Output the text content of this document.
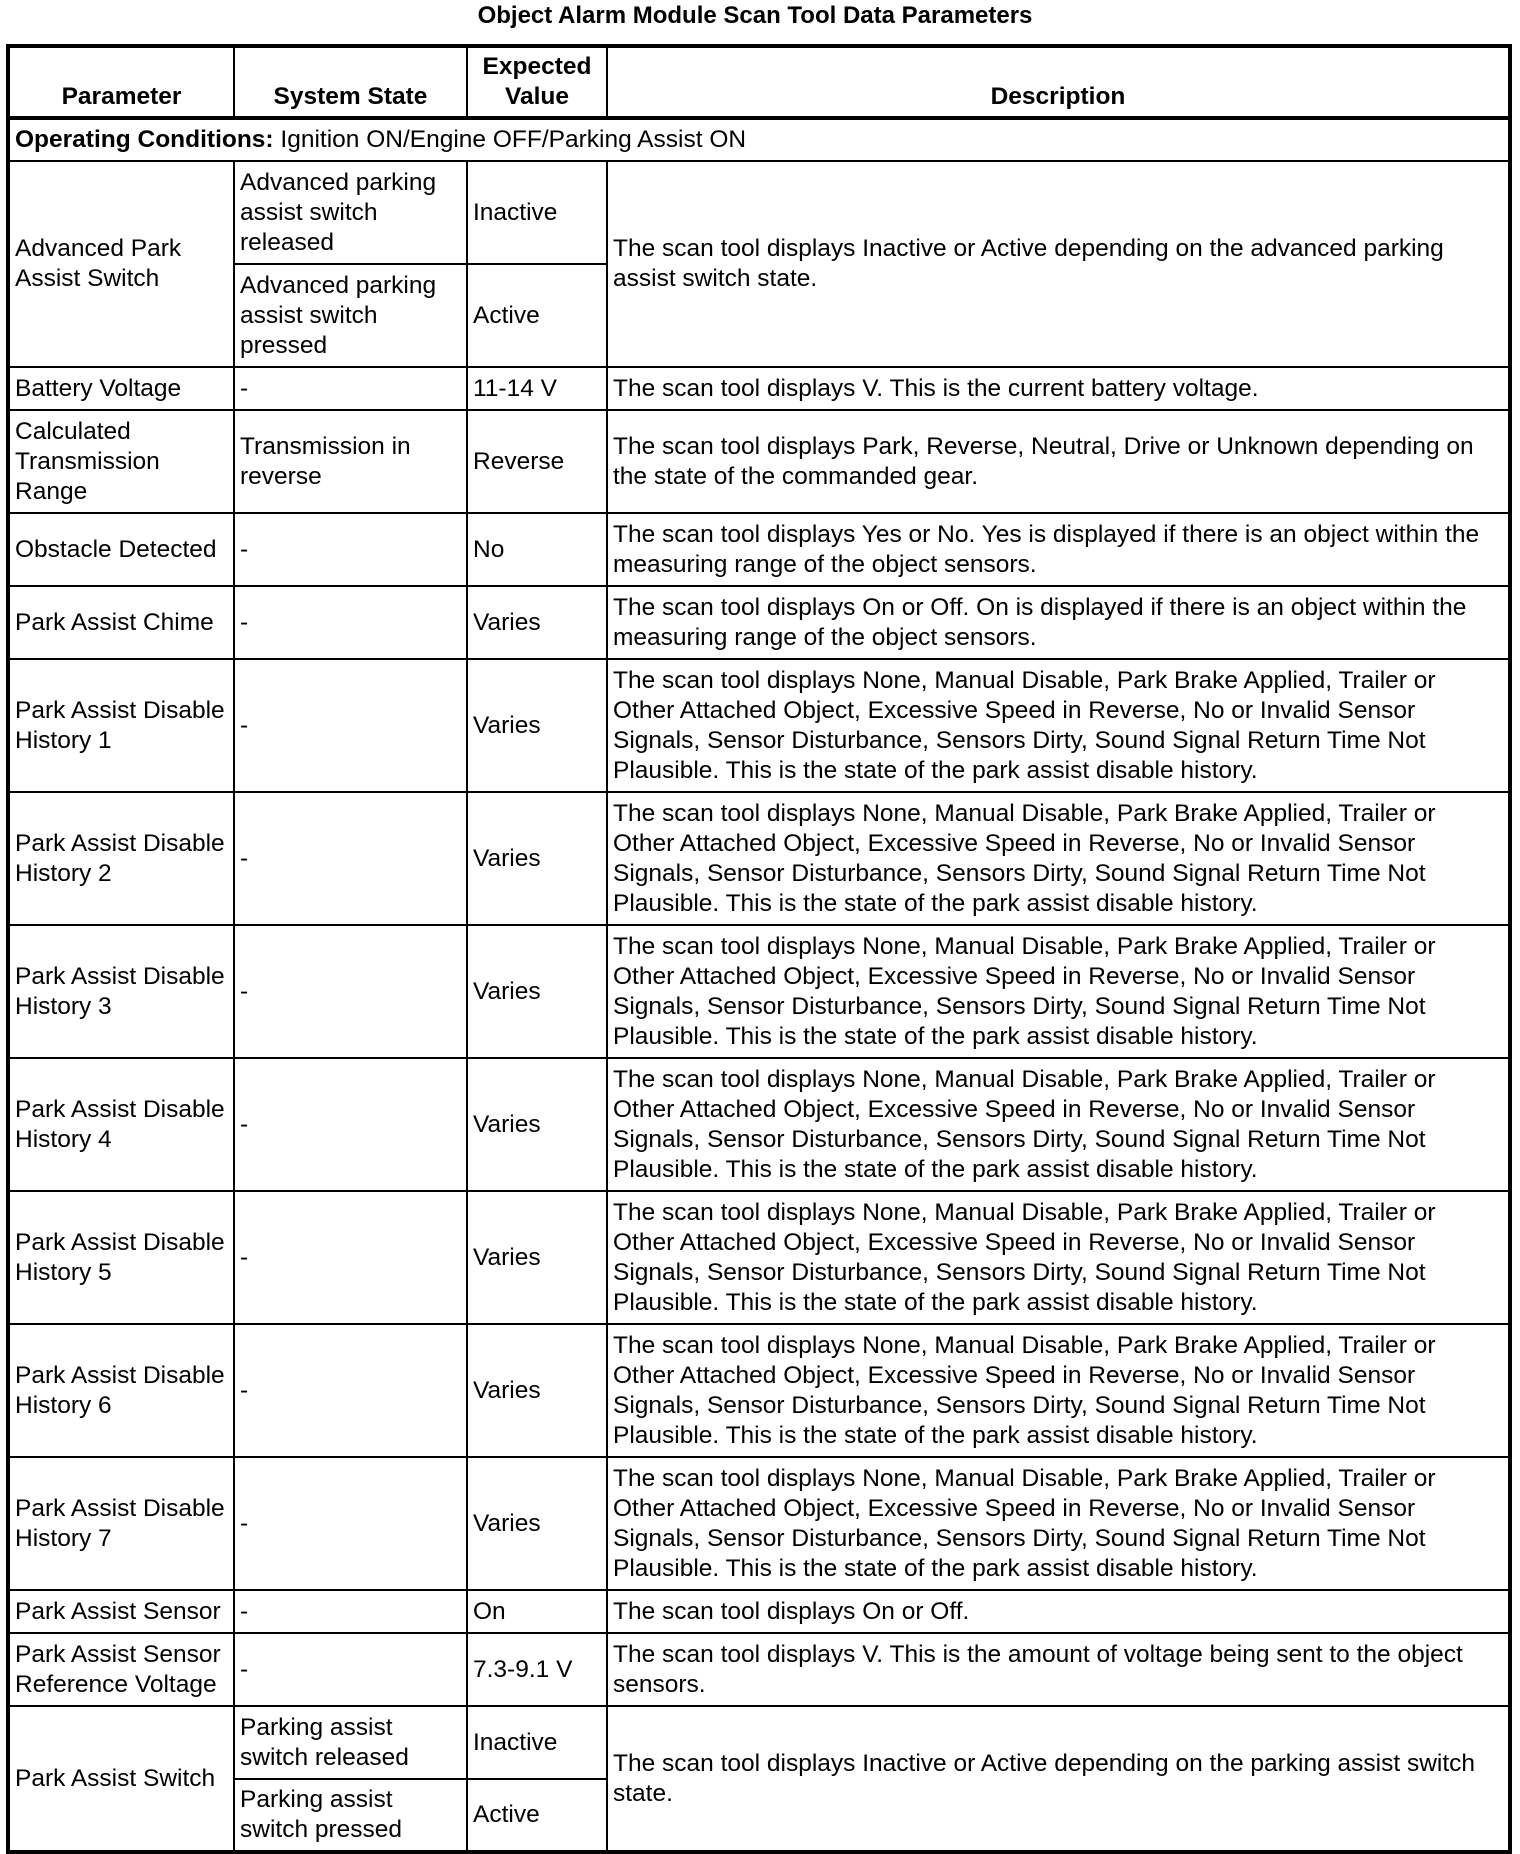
Object Alarm Module Scan Tool Data Parameters
Parameter	System State	Expected Value	Description
Operating Conditions: Ignition ON/Engine OFF/Parking Assist ON			
Advanced Park Assist Switch	Advanced parking assist switch released	Inactive	The scan tool displays Inactive or Active depending on the advanced parking assist switch state.
	Advanced parking assist switch pressed	Active	
Battery Voltage	-	11-14 V	The scan tool displays V. This is the current battery voltage.
Calculated Transmission Range	Transmission in reverse	Reverse	The scan tool displays Park, Reverse, Neutral, Drive or Unknown depending on the state of the commanded gear.
Obstacle Detected	-	No	The scan tool displays Yes or No. Yes is displayed if there is an object within the measuring range of the object sensors.
Park Assist Chime	-	Varies	The scan tool displays On or Off. On is displayed if there is an object within the measuring range of the object sensors.
Park Assist Disable History 1	-	Varies	The scan tool displays None, Manual Disable, Park Brake Applied, Trailer or Other Attached Object, Excessive Speed in Reverse, No or Invalid Sensor Signals, Sensor Disturbance, Sensors Dirty, Sound Signal Return Time Not Plausible. This is the state of the park assist disable history.
Park Assist Disable History 2	-	Varies	The scan tool displays None, Manual Disable, Park Brake Applied, Trailer or Other Attached Object, Excessive Speed in Reverse, No or Invalid Sensor Signals, Sensor Disturbance, Sensors Dirty, Sound Signal Return Time Not Plausible. This is the state of the park assist disable history.
Park Assist Disable History 3	-	Varies	The scan tool displays None, Manual Disable, Park Brake Applied, Trailer or Other Attached Object, Excessive Speed in Reverse, No or Invalid Sensor Signals, Sensor Disturbance, Sensors Dirty, Sound Signal Return Time Not Plausible. This is the state of the park assist disable history.
Park Assist Disable History 4	-	Varies	The scan tool displays None, Manual Disable, Park Brake Applied, Trailer or Other Attached Object, Excessive Speed in Reverse, No or Invalid Sensor Signals, Sensor Disturbance, Sensors Dirty, Sound Signal Return Time Not Plausible. This is the state of the park assist disable history.
Park Assist Disable History 5	-	Varies	The scan tool displays None, Manual Disable, Park Brake Applied, Trailer or Other Attached Object, Excessive Speed in Reverse, No or Invalid Sensor Signals, Sensor Disturbance, Sensors Dirty, Sound Signal Return Time Not Plausible. This is the state of the park assist disable history.
Park Assist Disable History 6	-	Varies	The scan tool displays None, Manual Disable, Park Brake Applied, Trailer or Other Attached Object, Excessive Speed in Reverse, No or Invalid Sensor Signals, Sensor Disturbance, Sensors Dirty, Sound Signal Return Time Not Plausible. This is the state of the park assist disable history.
Park Assist Disable History 7	-	Varies	The scan tool displays None, Manual Disable, Park Brake Applied, Trailer or Other Attached Object, Excessive Speed in Reverse, No or Invalid Sensor Signals, Sensor Disturbance, Sensors Dirty, Sound Signal Return Time Not Plausible. This is the state of the park assist disable history.
Park Assist Sensor	-	On	The scan tool displays On or Off.
Park Assist Sensor Reference Voltage	-	7.3-9.1 V	The scan tool displays V. This is the amount of voltage being sent to the object sensors.
Park Assist Switch	Parking assist switch released	Inactive	The scan tool displays Inactive or Active depending on the parking assist switch state.
	Parking assist switch pressed	Active	
